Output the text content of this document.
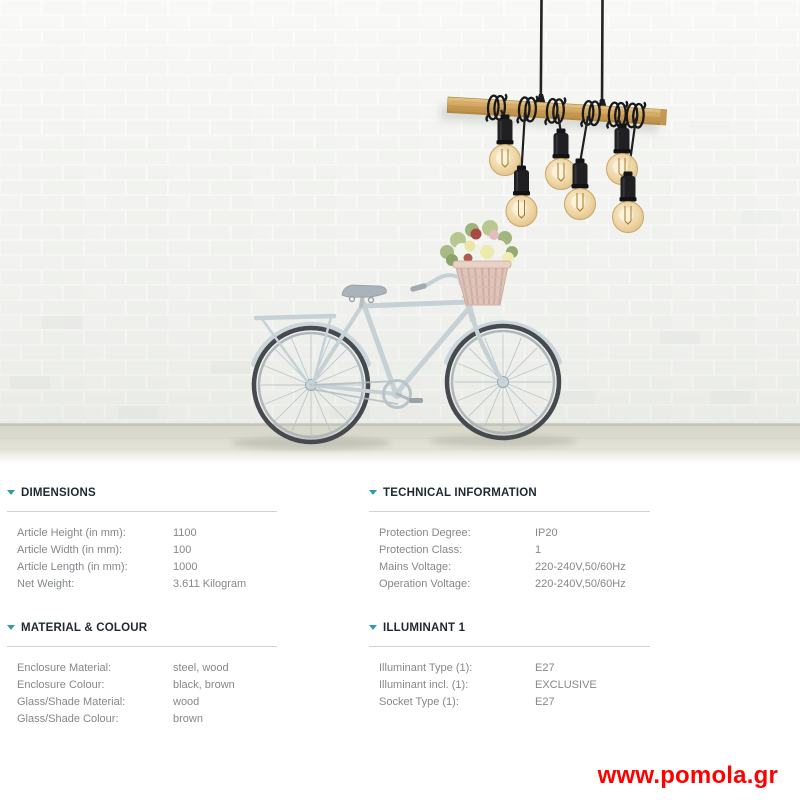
DIMENSIONS
Article Height (in mm):	1100
Article Width (in mm):	100
Article Length (in mm):	1000
Net Weight:	3.611 Kilogram
TECHNICAL INFORMATION
Protection Degree:	IP20
Protection Class:	1
Mains Voltage:	220-240V,50/60Hz
Operation Voltage:	220-240V,50/60Hz
MATERIAL & COLOUR
Enclosure Material:	steel, wood
Enclosure Colour:	black, brown
Glass/Shade Material:	wood
Glass/Shade Colour:	brown
ILLUMINANT 1
Illuminant Type (1):	E27
Illuminant incl. (1):	EXCLUSIVE
Socket Type (1):	E27
www.pomola.gr
